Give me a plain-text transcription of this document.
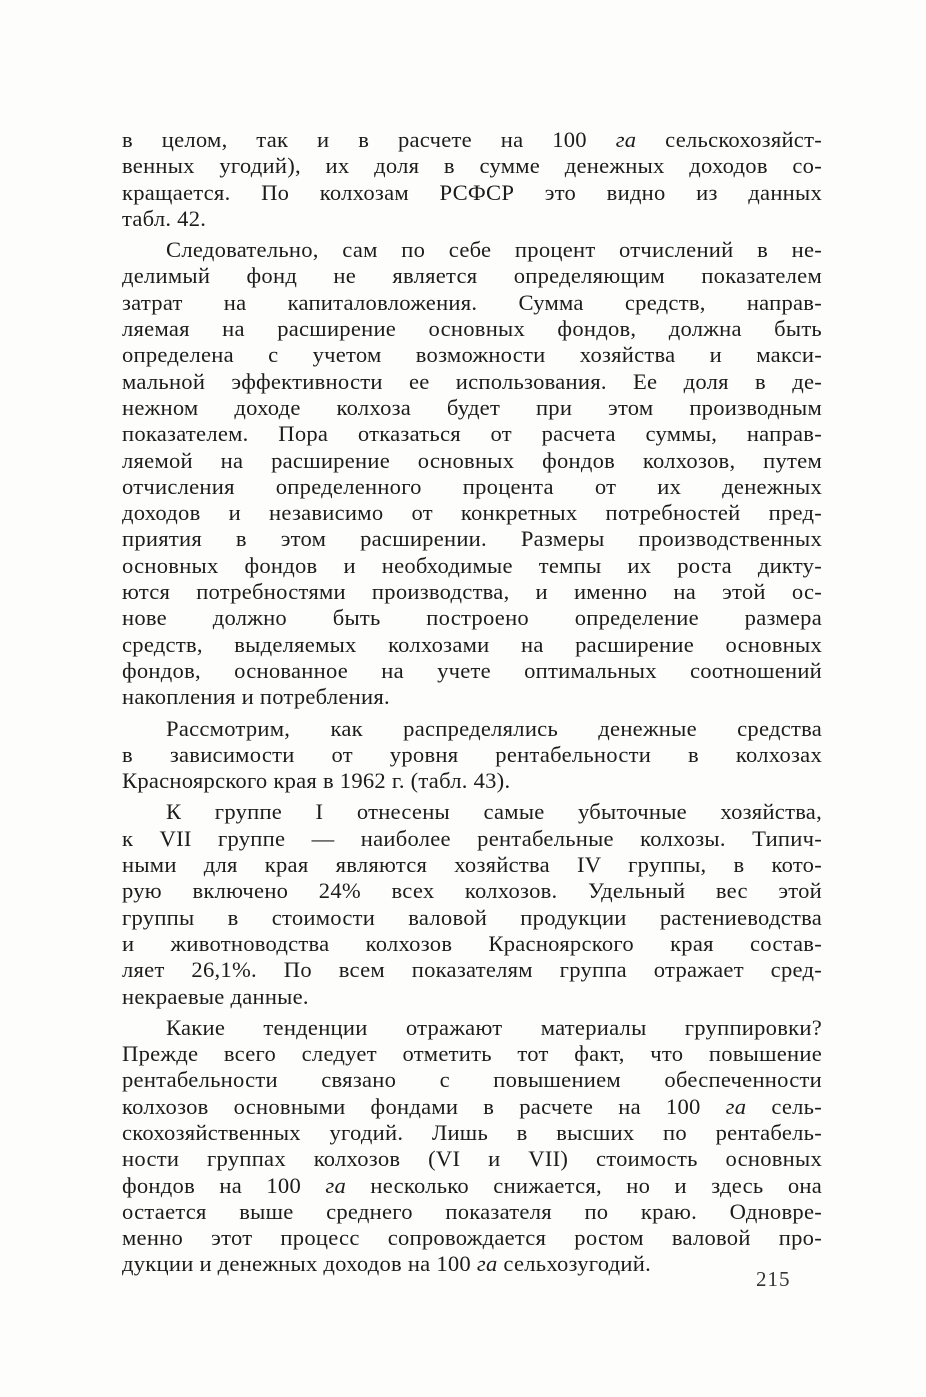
в целом, так и в расчете на 100 га сельскохозяйст-
венных угодий), их доля в сумме денежных доходов со-
кращается. По колхозам РСФСР это видно из данных
табл. 42.
Следовательно, сам по себе процент отчислений в не-
делимый фонд не является определяющим показателем
затрат на капиталовложения. Сумма средств, направ-
ляемая на расширение основных фондов, должна быть
определена с учетом возможности хозяйства и макси-
мальной эффективности ее использования. Ее доля в де-
нежном доходе колхоза будет при этом производным
показателем. Пора отказаться от расчета суммы, направ-
ляемой на расширение основных фондов колхозов, путем
отчисления определенного процента от их денежных
доходов и независимо от конкретных потребностей пред-
приятия в этом расширении. Размеры производственных
основных фондов и необходимые темпы их роста дикту-
ются потребностями производства, и именно на этой ос-
нове должно быть построено определение размера
средств, выделяемых колхозами на расширение основных
фондов, основанное на учете оптимальных соотношений
накопления и потребления.
Рассмотрим, как распределялись денежные средства
в зависимости от уровня рентабельности в колхозах
Красноярского края в 1962 г. (табл. 43).
К группе I отнесены самые убыточные хозяйства,
к VII группе — наиболее рентабельные колхозы. Типич-
ными для края являются хозяйства IV группы, в кото-
рую включено 24% всех колхозов. Удельный вес этой
группы в стоимости валовой продукции растениеводства
и животноводства колхозов Красноярского края состав-
ляет 26,1%. По всем показателям группа отражает сред-
некраевые данные.
Какие тенденции отражают материалы группировки?
Прежде всего следует отметить тот факт, что повышение
рентабельности связано с повышением обеспеченности
колхозов основными фондами в расчете на 100 га сель-
скохозяйственных угодий. Лишь в высших по рентабель-
ности группах колхозов (VI и VII) стоимость основных
фондов на 100 га несколько снижается, но и здесь она
остается выше среднего показателя по краю. Одновре-
менно этот процесс сопровождается ростом валовой про-
дукции и денежных доходов на 100 га сельхозугодий.
215
